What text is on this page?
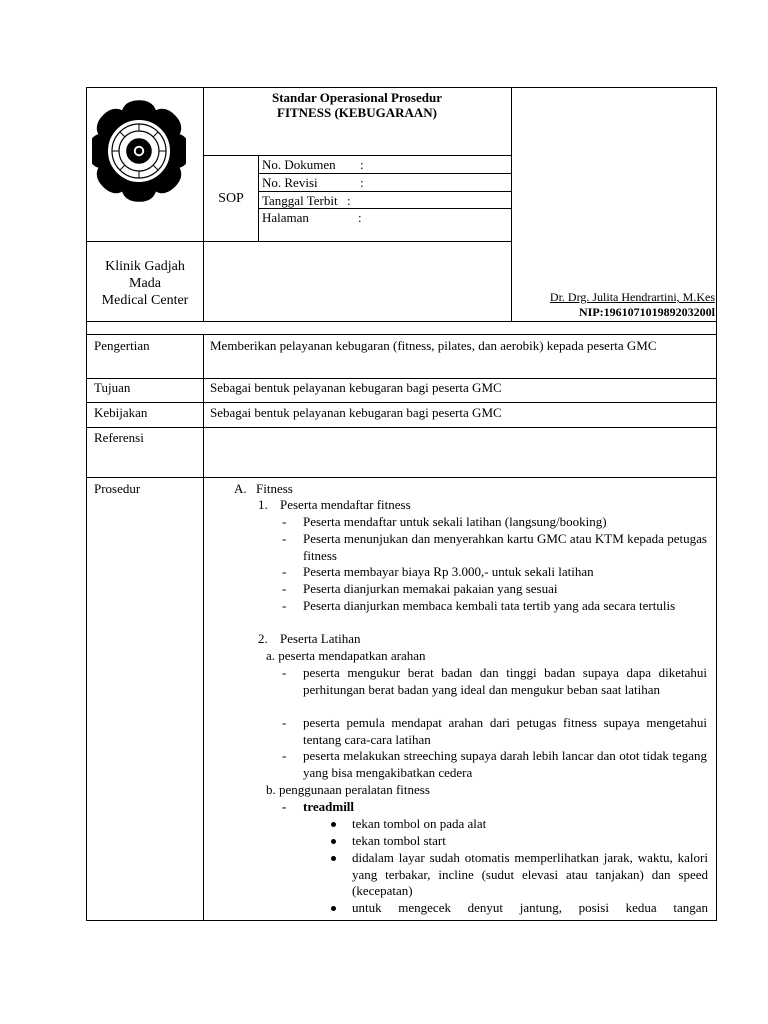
Standar Operasional Prosedur
FITNESS (KEBUGARAAN)
SOP
No. Dokumen :
No. Revisi	:
Tanggal Terbit :
Halaman	:
Klinik Gadjah
Mada
Medical Center	Dr. Drg. Julita Hendrartini, M.Kes
NIP:196107101989203200l
Pengertian	Memberikan pelayanan kebugaran (fitness, pilates, dan aerobik) kepada peserta GMC
Tujuan	Sebagai bentuk pelayanan kebugaran bagi peserta GMC
Kebijakan	Sebagai bentuk pelayanan kebugaran bagi peserta GMC
Referensi
Prosedur	A. Fitness
1. Peserta mendaftar fitness
- Peserta mendaftar untuk sekali latihan (langsung/booking)
- Peserta menunjukan dan menyerahkan kartu GMC atau KTM kepada petugas fitness
- Peserta membayar biaya Rp 3.000,- untuk sekali latihan
- Peserta dianjurkan memakai pakaian yang sesuai
- Peserta dianjurkan membaca kembali tata tertib yang ada secara tertulis
2. Peserta Latihan
a. peserta mendapatkan arahan
- peserta mengukur berat badan dan tinggi badan supaya dapa diketahui perhitungan berat badan yang ideal dan mengukur beban saat latihan
- peserta pemula mendapat arahan dari petugas fitness supaya mengetahui tentang cara-cara latihan
- peserta melakukan streeching supaya darah lebih lancar dan otot tidak tegang yang bisa mengakibatkan cedera
b. penggunaan peralatan fitness
- treadmill
tekan tombol on pada alat
tekan tombol start
didalam layar sudah otomatis memperlihatkan jarak, waktu, kalori yang terbakar, incline (sudut elevasi atau tanjakan) dan speed (kecepatan)
untuk mengecek denyut jantung, posisi kedua tangan
